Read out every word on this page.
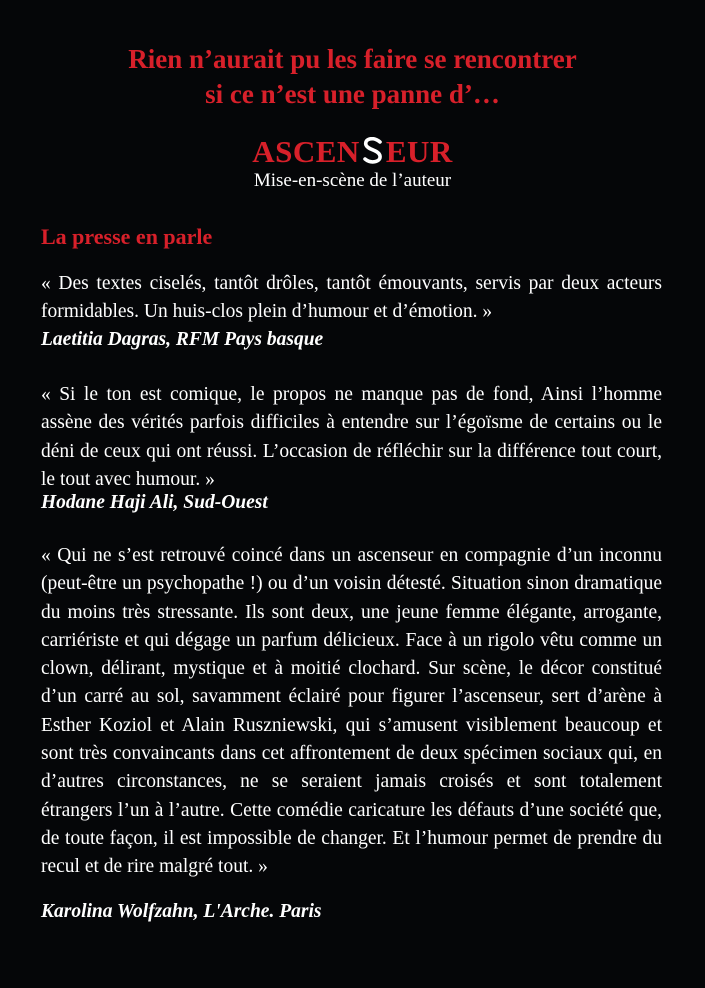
Rien n’aurait pu les faire se rencontrer
si ce n’est une panne d’…
ASCEN EUR
Mise-en-scène de l’auteur
La presse en parle
« Des textes ciselés, tantôt drôles, tantôt émouvants, servis par deux acteurs formidables. Un huis-clos plein d’humour et d’émotion. »
Laetitia Dagras, RFM Pays basque
« Si le ton est comique, le propos ne manque pas de fond, Ainsi l’homme assène des vérités parfois difficiles à entendre sur l’égoïsme de certains ou le déni de ceux qui ont réussi. L’occasion de réfléchir sur la différence tout court, le tout avec humour. »
Hodane Haji Ali, Sud-Ouest
« Qui ne s’est retrouvé coincé dans un ascenseur en compagnie d’un inconnu (peut-être un psychopathe !) ou d’un voisin détesté. Situation sinon dramatique du moins très stressante. Ils sont deux, une jeune femme élégante, arrogante, carriériste et qui dégage un parfum délicieux. Face à un rigolo vêtu comme un clown, délirant, mystique et à moitié clochard. Sur scène, le décor constitué d’un carré au sol, savamment éclairé pour figurer l’ascenseur, sert d’arène à Esther Koziol et Alain Ruszniewski, qui s’amusent visiblement beaucoup et sont très convaincants dans cet affrontement de deux spécimen sociaux qui, en d’autres circonstances, ne se seraient jamais croisés et sont totalement étrangers l’un à l’autre. Cette comédie caricature les défauts d’une société que, de toute façon, il est impossible de changer. Et l’humour permet de prendre du recul et de rire malgré tout. »
Karolina Wolfzahn, L'Arche. Paris
